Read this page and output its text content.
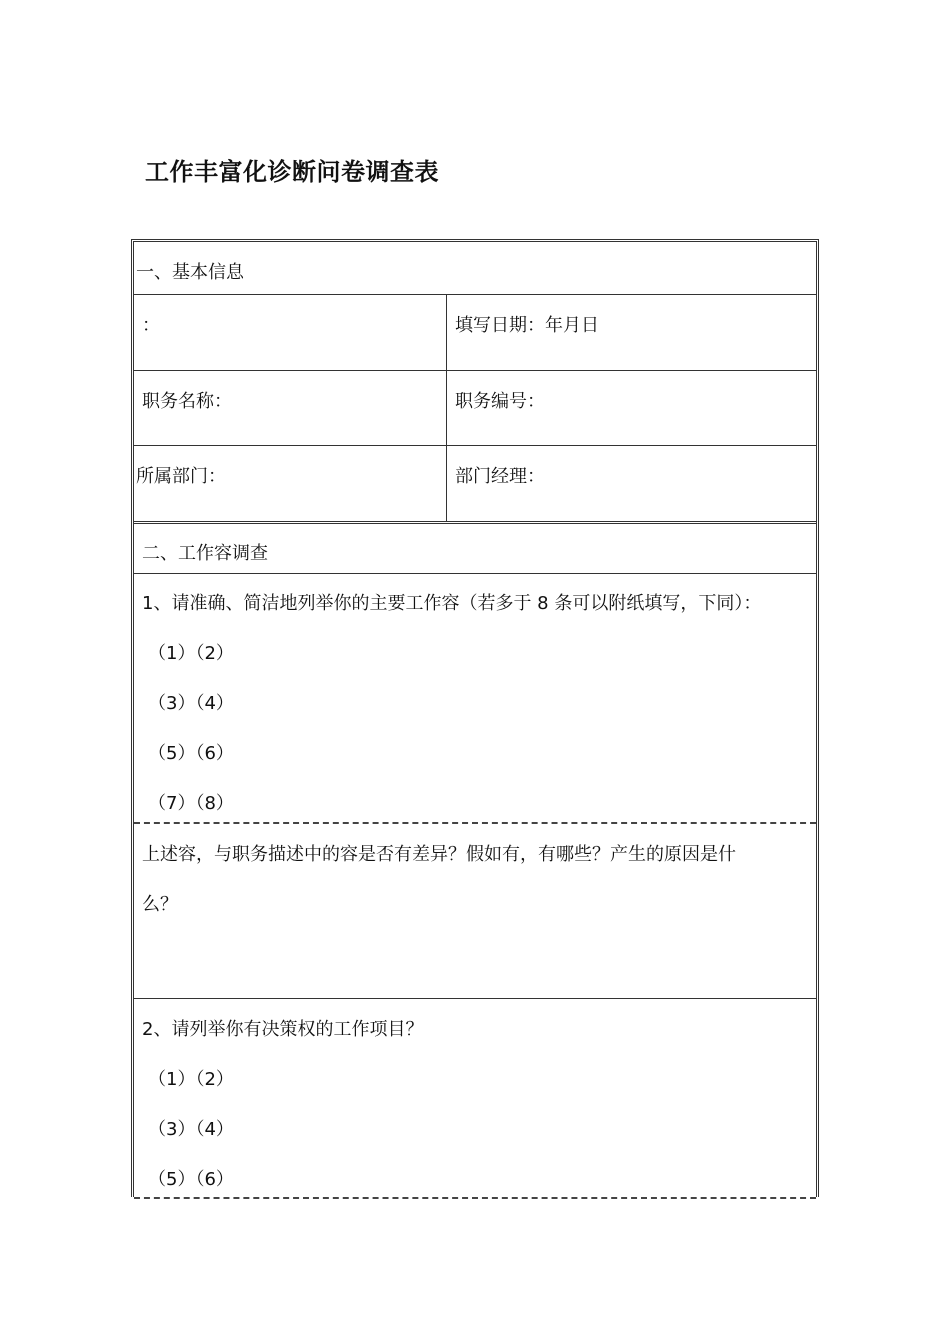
工作丰富化诊断问卷调查表
一、基本信息
：	填写日期：年月日
职务名称：	职务编号：
所属部门：	部门经理：
二、工作容调查
1、请准确、简洁地列举你的主要工作容（若多于 8 条可以附纸填写，下同）：
（1）（2）
（3）（4）
（5）（6）
（7）（8）
上述容，与职务描述中的容是否有差异？假如有，有哪些？产生的原因是什
么？
2、请列举你有决策权的工作项目？
（1）（2）
（3）（4）
（5）（6）
